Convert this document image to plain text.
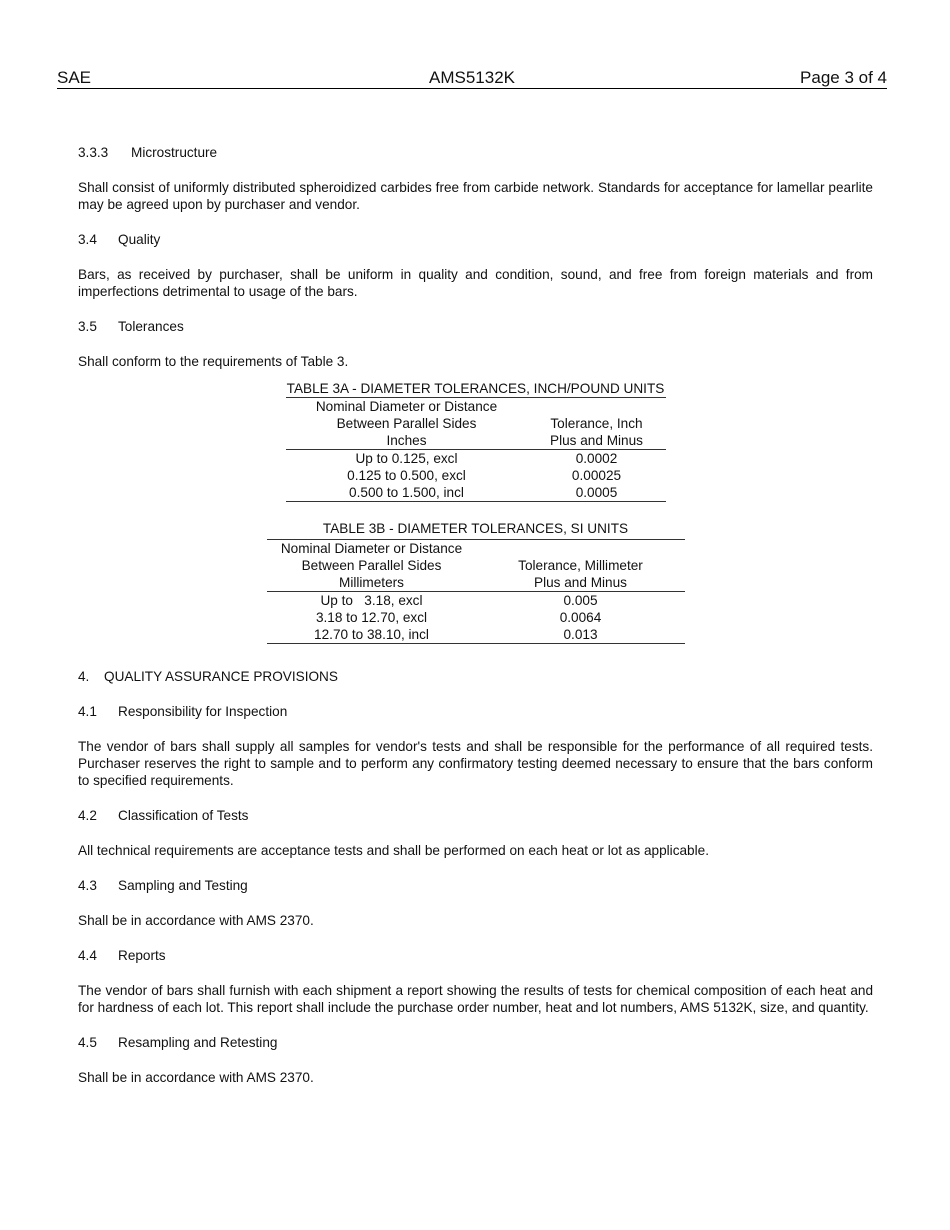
SAE	AMS5132K	Page 3 of 4
3.3.3 Microstructure
Shall consist of uniformly distributed spheroidized carbides free from carbide network. Standards for acceptance for lamellar pearlite may be agreed upon by purchaser and vendor.
3.4 Quality
Bars, as received by purchaser, shall be uniform in quality and condition, sound, and free from foreign materials and from imperfections detrimental to usage of the bars.
3.5 Tolerances
Shall conform to the requirements of Table 3.
TABLE 3A - DIAMETER TOLERANCES, INCH/POUND UNITS
Nominal Diameter or Distance	
Between Parallel Sides	Tolerance, Inch
Inches	Plus and Minus
Up to 0.125, excl	0.0002
0.125 to 0.500, excl	0.00025
0.500 to 1.500, incl	0.0005
TABLE 3B - DIAMETER TOLERANCES, SI UNITS
Nominal Diameter or Distance	
Between Parallel Sides	Tolerance, Millimeter
Millimeters	Plus and Minus
Up to   3.18, excl	0.005
3.18 to 12.70, excl	0.0064
12.70 to 38.10, incl	0.013
4. QUALITY ASSURANCE PROVISIONS
4.1 Responsibility for Inspection
The vendor of bars shall supply all samples for vendor's tests and shall be responsible for the performance of all required tests. Purchaser reserves the right to sample and to perform any confirmatory testing deemed necessary to ensure that the bars conform to specified requirements.
4.2 Classification of Tests
All technical requirements are acceptance tests and shall be performed on each heat or lot as applicable.
4.3 Sampling and Testing
Shall be in accordance with AMS 2370.
4.4 Reports
The vendor of bars shall furnish with each shipment a report showing the results of tests for chemical composition of each heat and for hardness of each lot. This report shall include the purchase order number, heat and lot numbers, AMS 5132K, size, and quantity.
4.5 Resampling and Retesting
Shall be in accordance with AMS 2370.
